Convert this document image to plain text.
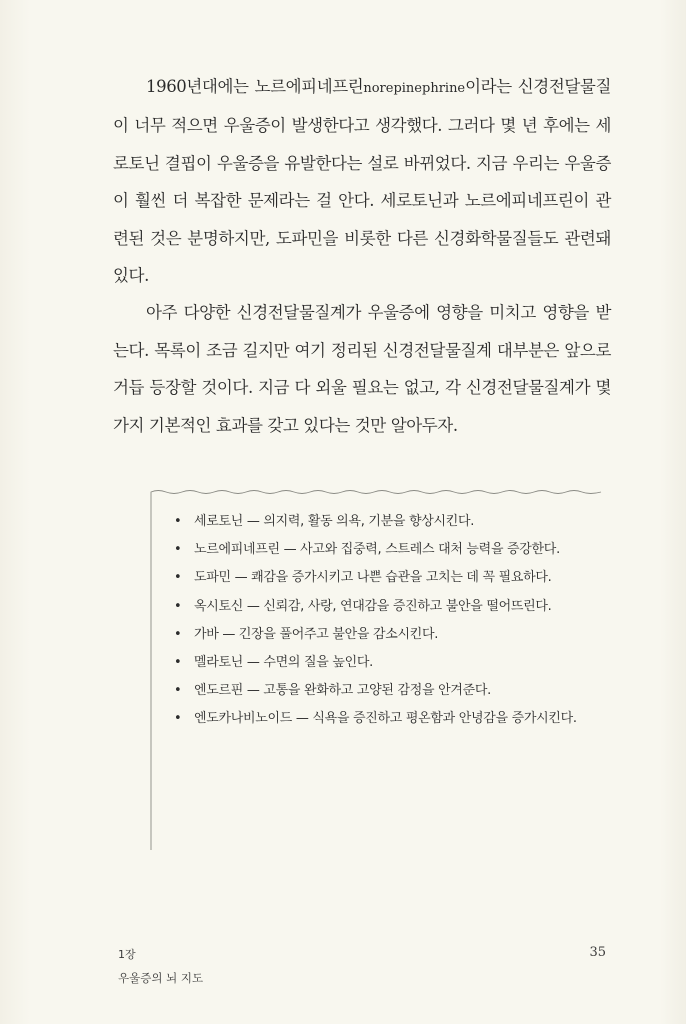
1960년대에는 노르에피네프린norepinephrine이라는 신경전달물질이 너무 적으면 우울증이 발생한다고 생각했다. 그러다 몇 년 후에는 세로토닌 결핍이 우울증을 유발한다는 설로 바뀌었다. 지금 우리는 우울증이 훨씬 더 복잡한 문제라는 걸 안다. 세로토닌과 노르에피네프린이 관련된 것은 분명하지만, 도파민을 비롯한 다른 신경화학물질들도 관련돼 있다.

아주 다양한 신경전달물질계가 우울증에 영향을 미치고 영향을 받는다. 목록이 조금 길지만 여기 정리된 신경전달물질계 대부분은 앞으로 거듭 등장할 것이다. 지금 다 외울 필요는 없고, 각 신경전달물질계가 몇 가지 기본적인 효과를 갖고 있다는 것만 알아두자.

• 세로토닌 — 의지력, 활동 의욕, 기분을 향상시킨다.
• 노르에피네프린 — 사고와 집중력, 스트레스 대처 능력을 증강한다.
• 도파민 — 쾌감을 증가시키고 나쁜 습관을 고치는 데 꼭 필요하다.
• 옥시토신 — 신뢰감, 사랑, 연대감을 증진하고 불안을 떨어뜨린다.
• 가바 — 긴장을 풀어주고 불안을 감소시킨다.
• 멜라토닌 — 수면의 질을 높인다.
• 엔도르핀 — 고통을 완화하고 고양된 감정을 안겨준다.
• 엔도카나비노이드 — 식욕을 증진하고 평온함과 안녕감을 증가시킨다.
1장
우울증의 뇌 지도
35
